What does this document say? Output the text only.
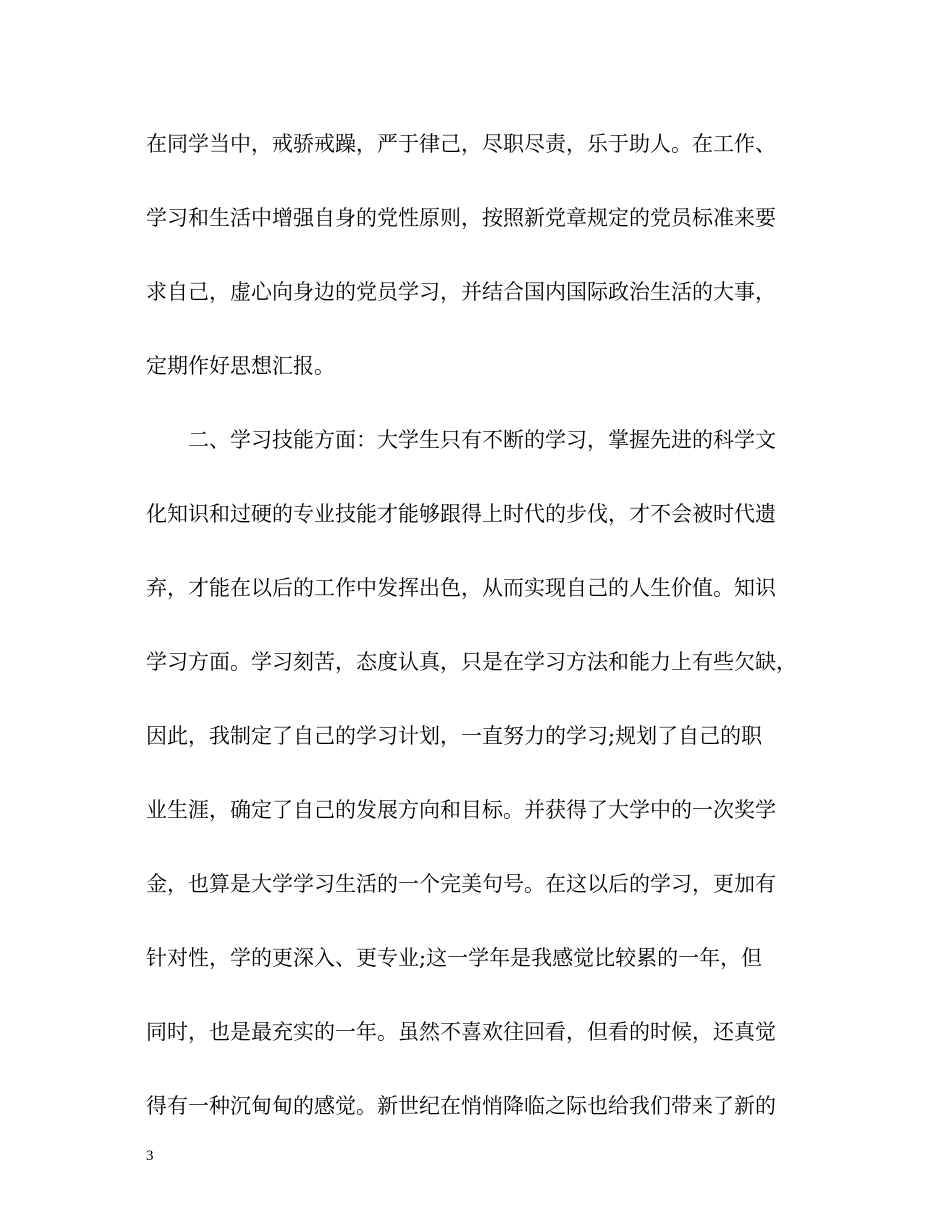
在同学当中，戒骄戒躁，严于律己，尽职尽责，乐于助人。在工作、
学习和生活中增强自身的党性原则，按照新党章规定的党员标准来要
求自己，虚心向身边的党员学习，并结合国内国际政治生活的大事，
定期作好思想汇报。
二、学习技能方面：大学生只有不断的学习，掌握先进的科学文
化知识和过硬的专业技能才能够跟得上时代的步伐，才不会被时代遗
弃，才能在以后的工作中发挥出色，从而实现自己的人生价值。知识
学习方面。学习刻苦，态度认真，只是在学习方法和能力上有些欠缺，
因此，我制定了自己的学习计划，一直努力的学习;规划了自己的职
业生涯，确定了自己的发展方向和目标。并获得了大学中的一次奖学
金，也算是大学学习生活的一个完美句号。在这以后的学习，更加有
针对性，学的更深入、更专业;这一学年是我感觉比较累的一年，但
同时，也是最充实的一年。虽然不喜欢往回看，但看的时候，还真觉
得有一种沉甸甸的感觉。新世纪在悄悄降临之际也给我们带来了新的
3
